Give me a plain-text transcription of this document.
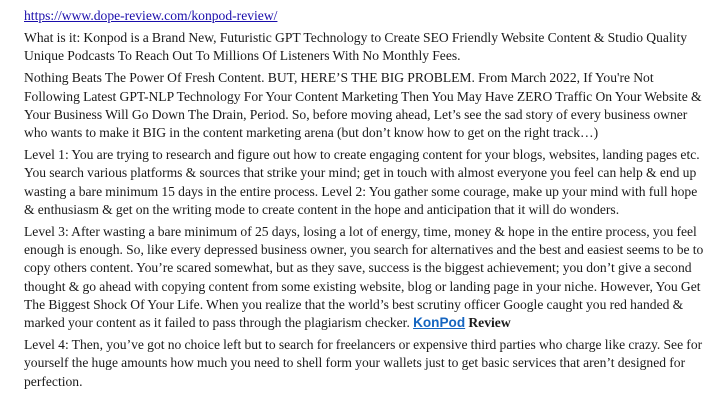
https://www.dope-review.com/konpod-review/

What is it: Konpod is a Brand New, Futuristic GPT Technology to Create SEO Friendly Website Content & Studio Quality Unique Podcasts To Reach Out To Millions Of Listeners With No Monthly Fees.

Nothing Beats The Power Of Fresh Content. BUT, HERE’S THE BIG PROBLEM. From March 2022, If You're Not Following Latest GPT-NLP Technology For Your Content Marketing Then You May Have ZERO Traffic On Your Website & Your Business Will Go Down The Drain, Period. So, before moving ahead, Let’s see the sad story of every business owner who wants to make it BIG in the content marketing arena (but don’t know how to get on the right track…)

Level 1: You are trying to research and figure out how to create engaging content for your blogs, websites, landing pages etc. You search various platforms & sources that strike your mind; get in touch with almost everyone you feel can help & end up wasting a bare minimum 15 days in the entire process. Level 2: You gather some courage, make up your mind with full hope & enthusiasm & get on the writing mode to create content in the hope and anticipation that it will do wonders.

Level 3: After wasting a bare minimum of 25 days, losing a lot of energy, time, money & hope in the entire process, you feel enough is enough. So, like every depressed business owner, you search for alternatives and the best and easiest seems to be to copy others content. You’re scared somewhat, but as they save, success is the biggest achievement; you don’t give a second thought & go ahead with copying content from some existing website, blog or landing page in your niche. However, You Get The Biggest Shock Of Your Life. When you realize that the world’s best scrutiny officer Google caught you red handed & marked your content as it failed to pass through the plagiarism checker. KonPod Review

Level 4: Then, you’ve got no choice left but to search for freelancers or expensive third parties who charge like crazy. See for yourself the huge amounts how much you need to shell form your wallets just to get basic services that aren’t designed for perfection.
